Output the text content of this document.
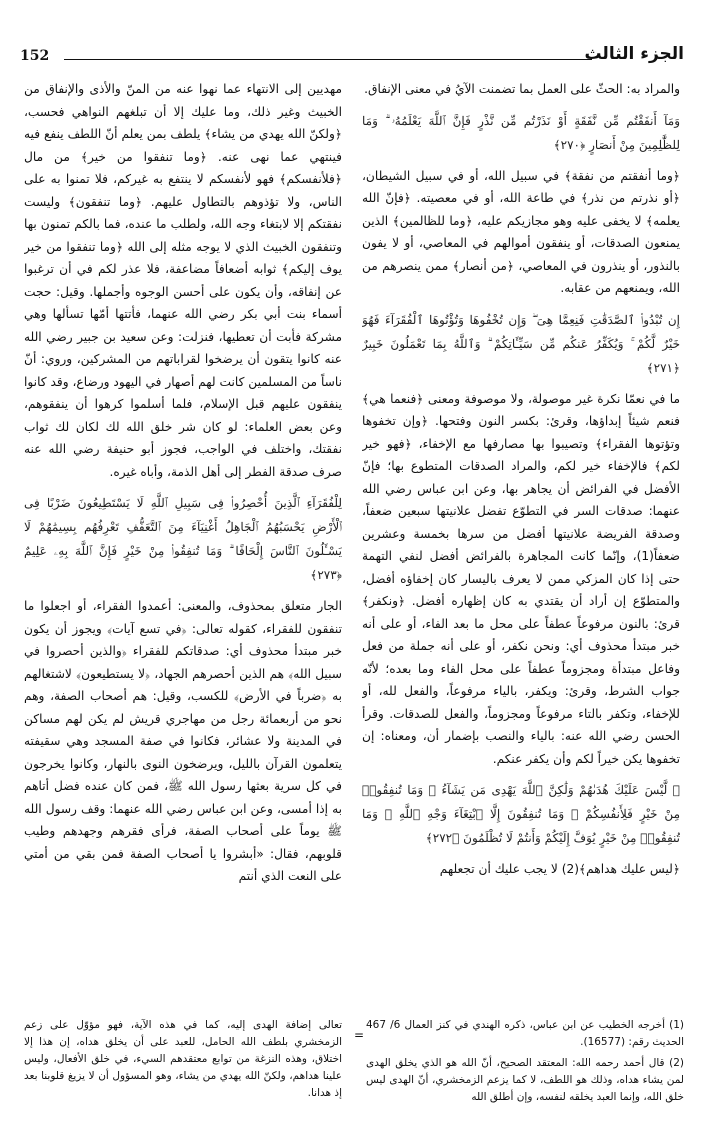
الجزء الثالث
152

والمراد به: الحثّ على العمل بما تضمنت الآيُ في معنى الإنفاق.

وَمَآ أَنفَقْتُم مِّن نَّفَقَةٍ أَوْ نَذَرْتُم مِّن نَّذْرٍ فَإِنَّ ٱللَّهَ يَعْلَمُهُۥ ۗ وَمَا لِلظَّٰلِمِينَ مِنْ أَنصَارٍ ﴿٢٧٠﴾

﴿وما أنفقتم من نفقة﴾ في سبيل الله، أو في سبيل الشيطان، ﴿أو نذرتم من نذر﴾ في طاعة الله، أو في معصيته. ﴿فإنّ الله يعلمه﴾ لا يخفى عليه وهو مجازيكم عليه، ﴿وما للظالمين﴾ الذين يمنعون الصدقات، أو ينفقون أموالهم في المعاصي، أو لا يفون بالنذور، أو ينذرون في المعاصي، ﴿من أنصار﴾ ممن ينصرهم من الله، ويمنعهم من عقابه.

إِن تُبْدُوا۟ ٱلصَّدَقَٰتِ فَنِعِمَّا هِىَ ۖ وَإِن تُخْفُوهَا وَتُؤْتُوهَا ٱلْفُقَرَآءَ فَهُوَ خَيْرٌ لَّكُمْ ۚ وَيُكَفِّرُ عَنكُم مِّن سَيِّـَٔاتِكُمْ ۗ وَٱللَّهُ بِمَا تَعْمَلُونَ خَبِيرٌ ﴿٢٧١﴾

ما في نعمّا نكرة غير موصولة، ولا موصوفة ومعنى ﴿فنعما هي﴾ فنعم شيئاً إبداؤها، وقرئ: بكسر النون وفتحها. ﴿وإن تخفوها وتؤتوها الفقراء﴾ وتصيبوا بها مصارفها مع الإخفاء، ﴿فهو خير لكم﴾ فالإخفاء خير لكم، والمراد الصدقات المتطوع بها؛ فإنّ الأفضل في الفرائض أن يجاهر بها، وعن ابن عباس رضي الله عنهما: صدقات السر في التطوّع تفضل علانيتها سبعين ضعفاً، وصدقة الفريضة علانيتها أفضل من سرها بخمسة وعشرين ضعفاً(1)، وإنّما كانت المجاهرة بالفرائض أفضل لنفي التهمة حتى إذا كان المزكي ممن لا يعرف باليسار كان إخفاؤه أفضل، والمتطوّع إن أراد أن يقتدي به كان إظهاره أفضل. ﴿ونكفر﴾ قرئ: بالنون مرفوعاً عطفاً على محل ما بعد الفاء، أو على أنه خبر مبتدأ محذوف أي: ونحن نكفر، أو على أنه جملة من فعل وفاعل مبتدأة ومجزوماً عطفاً على محل الفاء وما بعده؛ لأنّه جواب الشرط، وقرئ: ويكفر، بالياء مرفوعاً، والفعل لله، أو للإخفاء، وتكفر بالتاء مرفوعاً ومجزوماً، والفعل للصدقات. وقرأ الحسن رضي الله عنه: بالياء والنصب بإضمار أن، ومعناه: إن تخفوها يكن خيراً لكم وأن يكفر عنكم.

۞ لَّيْسَ عَلَيْكَ هُدَىٰهُمْ وَلَٰكِنَّ ٱللَّهَ يَهْدِى مَن يَشَآءُ ۗ وَمَا تُنفِقُوا۟ مِنْ خَيْرٍ فَلِأَنفُسِكُمْ ۚ وَمَا تُنفِقُونَ إِلَّا ٱبْتِغَآءَ وَجْهِ ٱللَّهِ ۚ وَمَا تُنفِقُوا۟ مِنْ خَيْرٍ يُوَفَّ إِلَيْكُمْ وَأَنتُمْ لَا تُظْلَمُونَ ﴿٢٧٢﴾

﴿ليس عليك هداهم﴾(2) لا يجب عليك أن تجعلهم

مهديين إلى الانتهاء عما نهوا عنه من المنّ والأذى والإنفاق من الخبيث وغير ذلك، وما عليك إلا أن تبلغهم النواهي فحسب، ﴿ولكنّ الله يهدي من يشاء﴾ يلطف بمن يعلم أنّ اللطف ينفع فيه فينتهي عما نهى عنه. ﴿وما تنفقوا من خير﴾ من مال ﴿فلأنفسكم﴾ فهو لأنفسكم لا ينتفع به غيركم، فلا تمنوا به على الناس، ولا تؤذوهم بالتطاول عليهم. ﴿وما تنفقون﴾ وليست نفقتكم إلا لابتغاء وجه الله، ولطلب ما عنده، فما بالكم تمنون بها وتنفقون الخبيث الذي لا يوجه مثله إلى الله ﴿وما تنفقوا من خير يوف إليكم﴾ ثوابه أضعافاً مضاعفة، فلا عذر لكم في أن ترغبوا عن إنفاقه، وأن يكون على أحسن الوجوه وأجملها. وقيل: حجت أسماء بنت أبي بكر رضي الله عنهما، فأتتها أمّها تسألها وهي مشركة فأبت أن تعطيها، فنزلت: وعن سعيد بن جبير رضي الله عنه كانوا يتقون أن يرضخوا لقراباتهم من المشركين، وروي: أنّ ناساً من المسلمين كانت لهم أصهار في اليهود ورضاع، وقد كانوا ينفقون عليهم قبل الإسلام، فلما أسلموا كرهوا أن ينفقوهم، وعن بعض العلماء: لو كان شر خلق الله لك لكان لك ثواب نفقتك، واختلف في الواجب، فجوز أبو حنيفة رضي الله عنه صرف صدقة الفطر إلى أهل الذمة، وأباه غيره.

لِلْفُقَرَآءِ ٱلَّذِينَ أُحْصِرُوا۟ فِى سَبِيلِ ٱللَّهِ لَا يَسْتَطِيعُونَ ضَرْبًا فِى ٱلْأَرْضِ يَحْسَبُهُمُ ٱلْجَاهِلُ أَغْنِيَآءَ مِنَ ٱلتَّعَفُّفِ تَعْرِفُهُم بِسِيمَٰهُمْ لَا يَسْـَٔلُونَ ٱلنَّاسَ إِلْحَافًا ۗ وَمَا تُنفِقُوا۟ مِنْ خَيْرٍ فَإِنَّ ٱللَّهَ بِهِۦ عَلِيمٌ ﴿٢٧٣﴾

الجار متعلق بمحذوف، والمعنى: أعمدوا الفقراء، أو اجعلوا ما تنفقون للفقراء، كقوله تعالى: ﴿في تسع آيات﴾ ويجوز أن يكون خبر مبتدأ محذوف أي: صدقاتكم للفقراء ﴿والذين أحصروا في سبيل الله﴾ هم الذين أحصرهم الجهاد، ﴿لا يستطيعون﴾ لاشتغالهم به ﴿ضرباً في الأرض﴾ للكسب، وقيل: هم أصحاب الصفة، وهم نحو من أربعمائة رجل من مهاجري قريش لم يكن لهم مساكن في المدينة ولا عشائر، فكانوا في صفة المسجد وهي سقيفته يتعلمون القرآن بالليل، ويرضخون النوى بالنهار، وكانوا يخرجون في كل سرية بعثها رسول الله ﷺ، فمن كان عنده فضل أتاهم به إذا أمسى، وعن ابن عباس رضي الله عنهما: وقف رسول الله ﷺ يوماً على أصحاب الصفة، فرأى فقرهم وجهدهم وطيب قلوبهم، فقال: «أبشروا يا أصحاب الصفة فمن بقي من أمتي على النعت الذي أنتم

(1) أخرجه الخطيب عن ابن عباس، ذكره الهندي في كنز العمال 6/ 467 الحديث رقم: (16577).
(2) قال أحمد رحمه الله: المعتقد الصحيح، أنّ الله هو الذي يخلق الهدى لمن يشاء هداه، وذلك هو اللطف، لا كما يزعم الزمخشري، أنّ الهدى ليس خلق الله، وإنما العبد يخلقه لنفسه، وإن أطلق الله
=
تعالى إضافة الهدى إليه، كما في هذه الآية، فهو مؤوّل على زعم الزمخشري بلطف الله الحامل، للعبد على أن يخلق هداه، إن هذا إلا اختلاق، وهذه النزغة من توابع معتقدهم السيء، في خلق الأفعال، وليس علينا هداهم، ولكنّ الله يهدي من يشاء، وهو المسؤول أن لا يزيغ قلوبنا بعد إذ هدانا.
